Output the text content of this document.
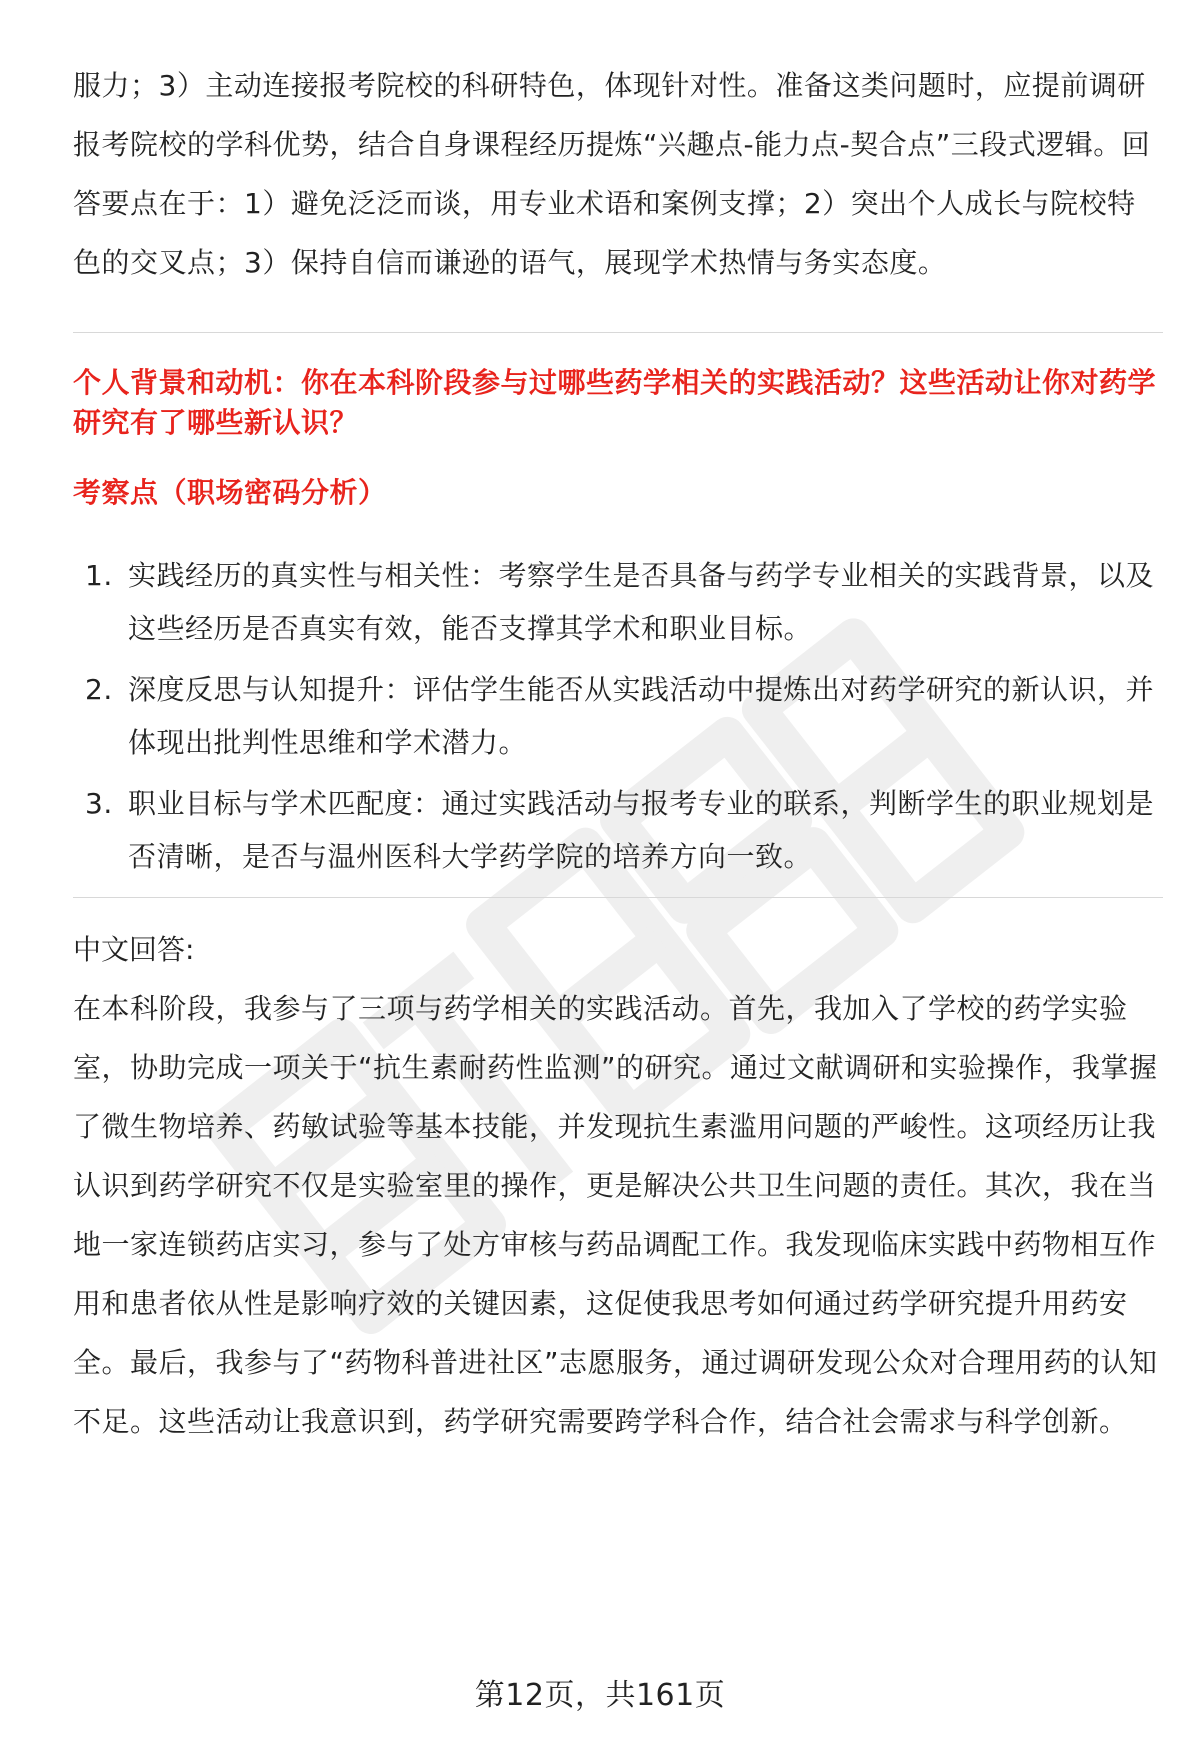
服力；3）主动连接报考院校的科研特色，体现针对性。准备这类问题时，应提前调研报考院校的学科优势，结合自身课程经历提炼“兴趣点-能力点-契合点”三段式逻辑。回答要点在于：1）避免泛泛而谈，用专业术语和案例支撑；2）突出个人成长与院校特色的交叉点；3）保持自信而谦逊的语气，展现学术热情与务实态度。

个人背景和动机：你在本科阶段参与过哪些药学相关的实践活动？这些活动让你对药学研究有了哪些新认识？

考察点（职场密码分析）

1. 实践经历的真实性与相关性：考察学生是否具备与药学专业相关的实践背景，以及这些经历是否真实有效，能否支撑其学术和职业目标。
2. 深度反思与认知提升：评估学生能否从实践活动中提炼出对药学研究的新认识，并体现出批判性思维和学术潜力。
3. 职业目标与学术匹配度：通过实践活动与报考专业的联系，判断学生的职业规划是否清晰，是否与温州医科大学药学院的培养方向一致。

中文回答:

在本科阶段，我参与了三项与药学相关的实践活动。首先，我加入了学校的药学实验室，协助完成一项关于“抗生素耐药性监测”的研究。通过文献调研和实验操作，我掌握了微生物培养、药敏试验等基本技能，并发现抗生素滥用问题的严峻性。这项经历让我认识到药学研究不仅是实验室里的操作，更是解决公共卫生问题的责任。其次，我在当地一家连锁药店实习，参与了处方审核与药品调配工作。我发现临床实践中药物相互作用和患者依从性是影响疗效的关键因素，这促使我思考如何通过药学研究提升用药安全。最后，我参与了“药物科普进社区”志愿服务，通过调研发现公众对合理用药的认知不足。这些活动让我意识到，药学研究需要跨学科合作，结合社会需求与科学创新。

第12页，共161页
